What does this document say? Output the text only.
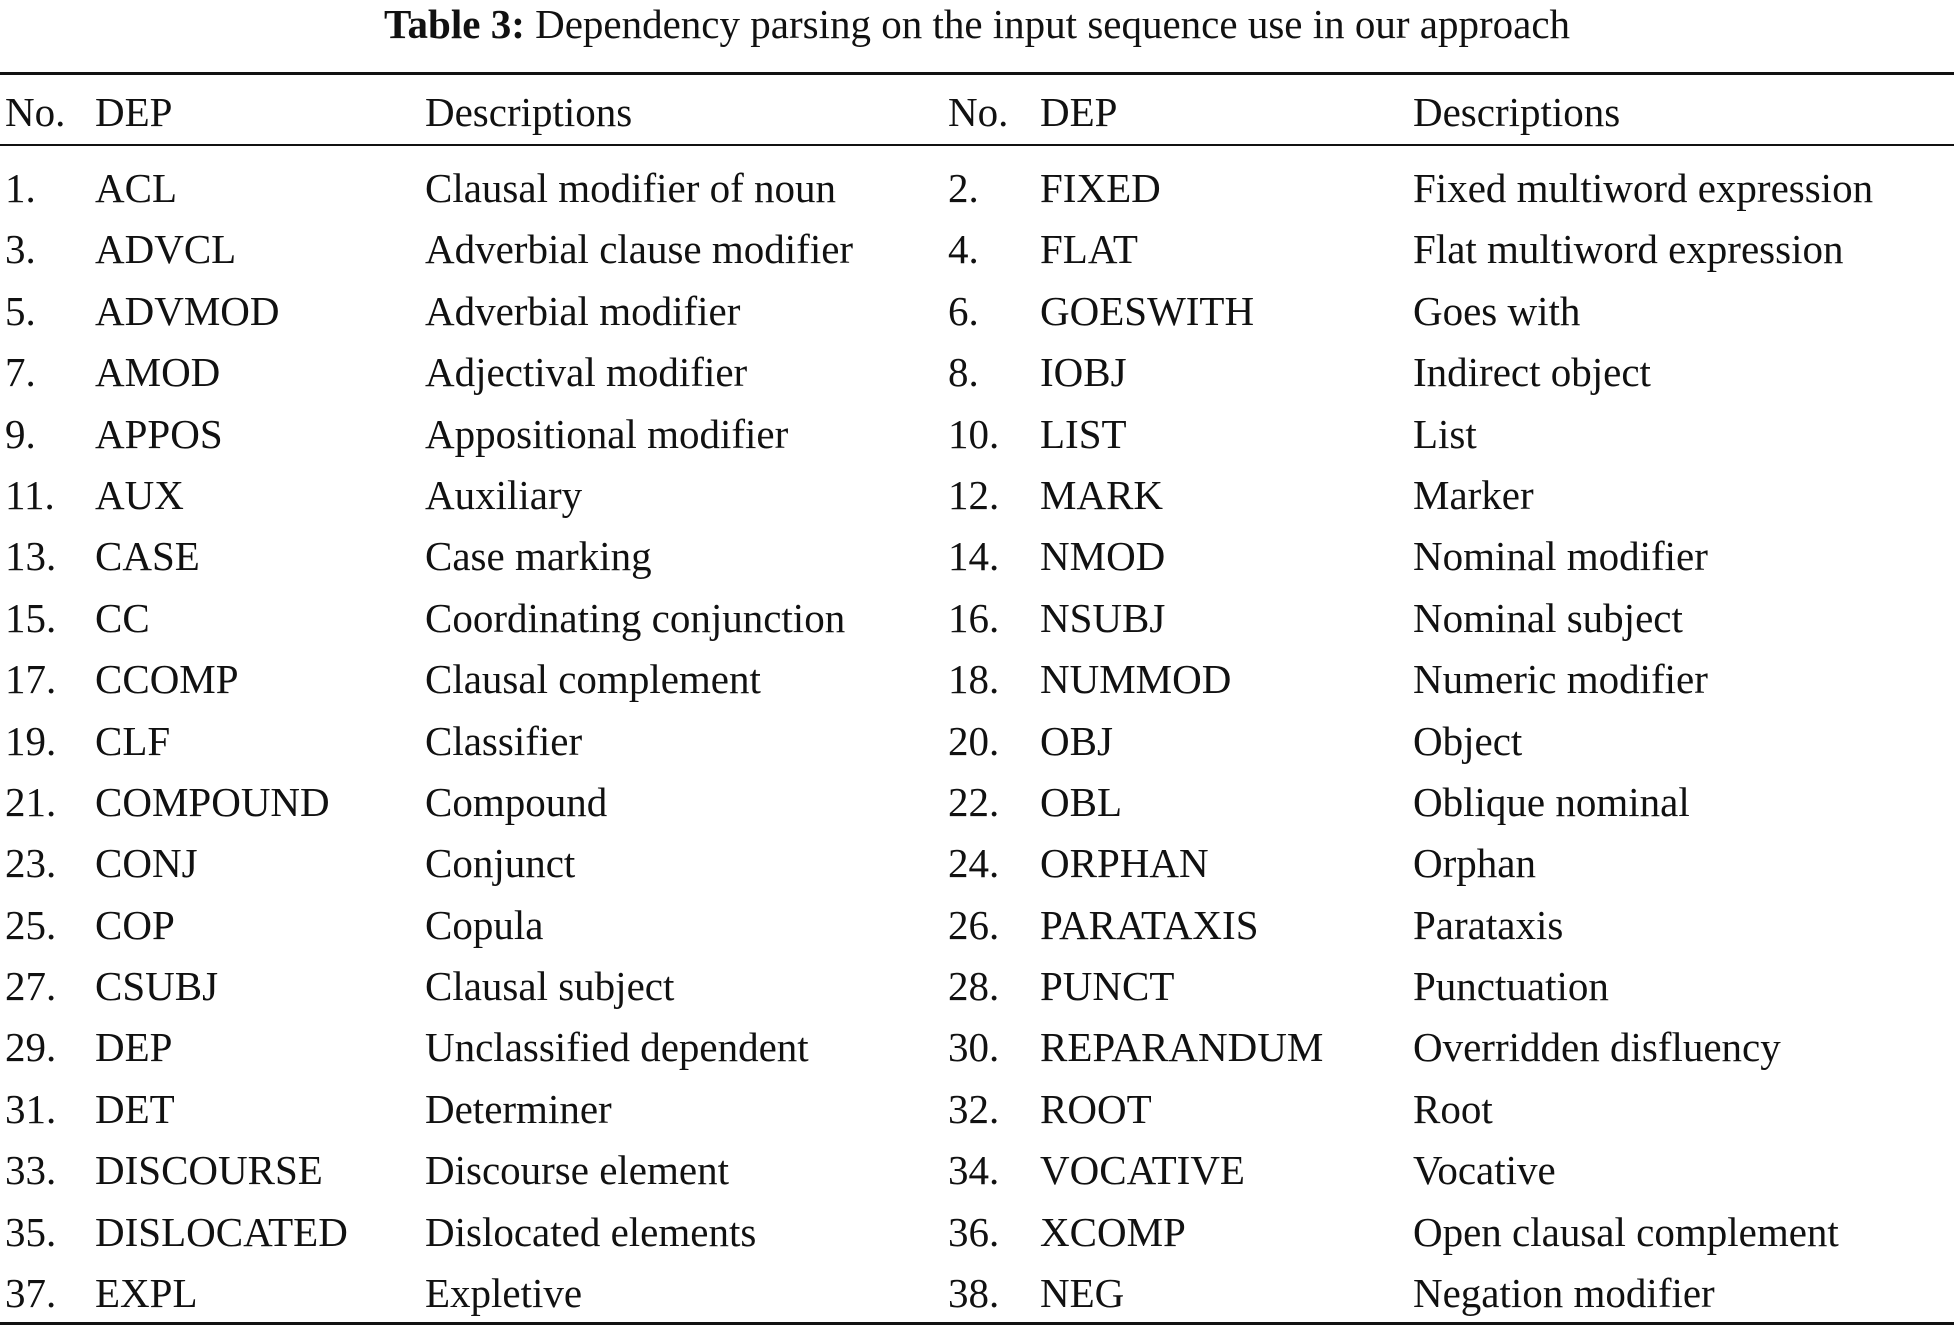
Table 3: Dependency parsing on the input sequence use in our approach
No. DEP	Descriptions	No. DEP	Descriptions
1. ACL	Clausal modifier of noun	2. FIXED	Fixed multiword expression
3. ADVCL	Adverbial clause modifier 4. FLAT	Flat multiword expression
5. ADVMOD	Adverbial modifier	6. GOESWITH	Goes with
7. AMOD	Adjectival modifier	8. IOBJ	Indirect object
9. APPOS	Appositional modifier	10. LIST	List
11. AUX	Auxiliary	12. MARK	Marker
13. CASE	Case marking	14. NMOD	Nominal modifier
15. CC	Coordinating conjunction	16. NSUBJ	Nominal subject
17. CCOMP	Clausal complement	18. NUMMOD	Numeric modifier
19. CLF	Classifier	20. OBJ	Object
21. COMPOUND Compound	22. OBL	Oblique nominal
23. CONJ	Conjunct	24. ORPHAN	Orphan
25. COP	Copula	26. PARATAXIS	Parataxis
27. CSUBJ	Clausal subject	28. PUNCT	Punctuation
29. DEP	Unclassified dependent	30. REPARANDUM Overridden disfluency
31. DET	Determiner	32. ROOT	Root
33. DISCOURSE Discourse element	34. VOCATIVE	Vocative
35. DISLOCATED Dislocated elements	36. XCOMP	Open clausal complement
37. EXPL	Expletive	38. NEG	Negation modifier
